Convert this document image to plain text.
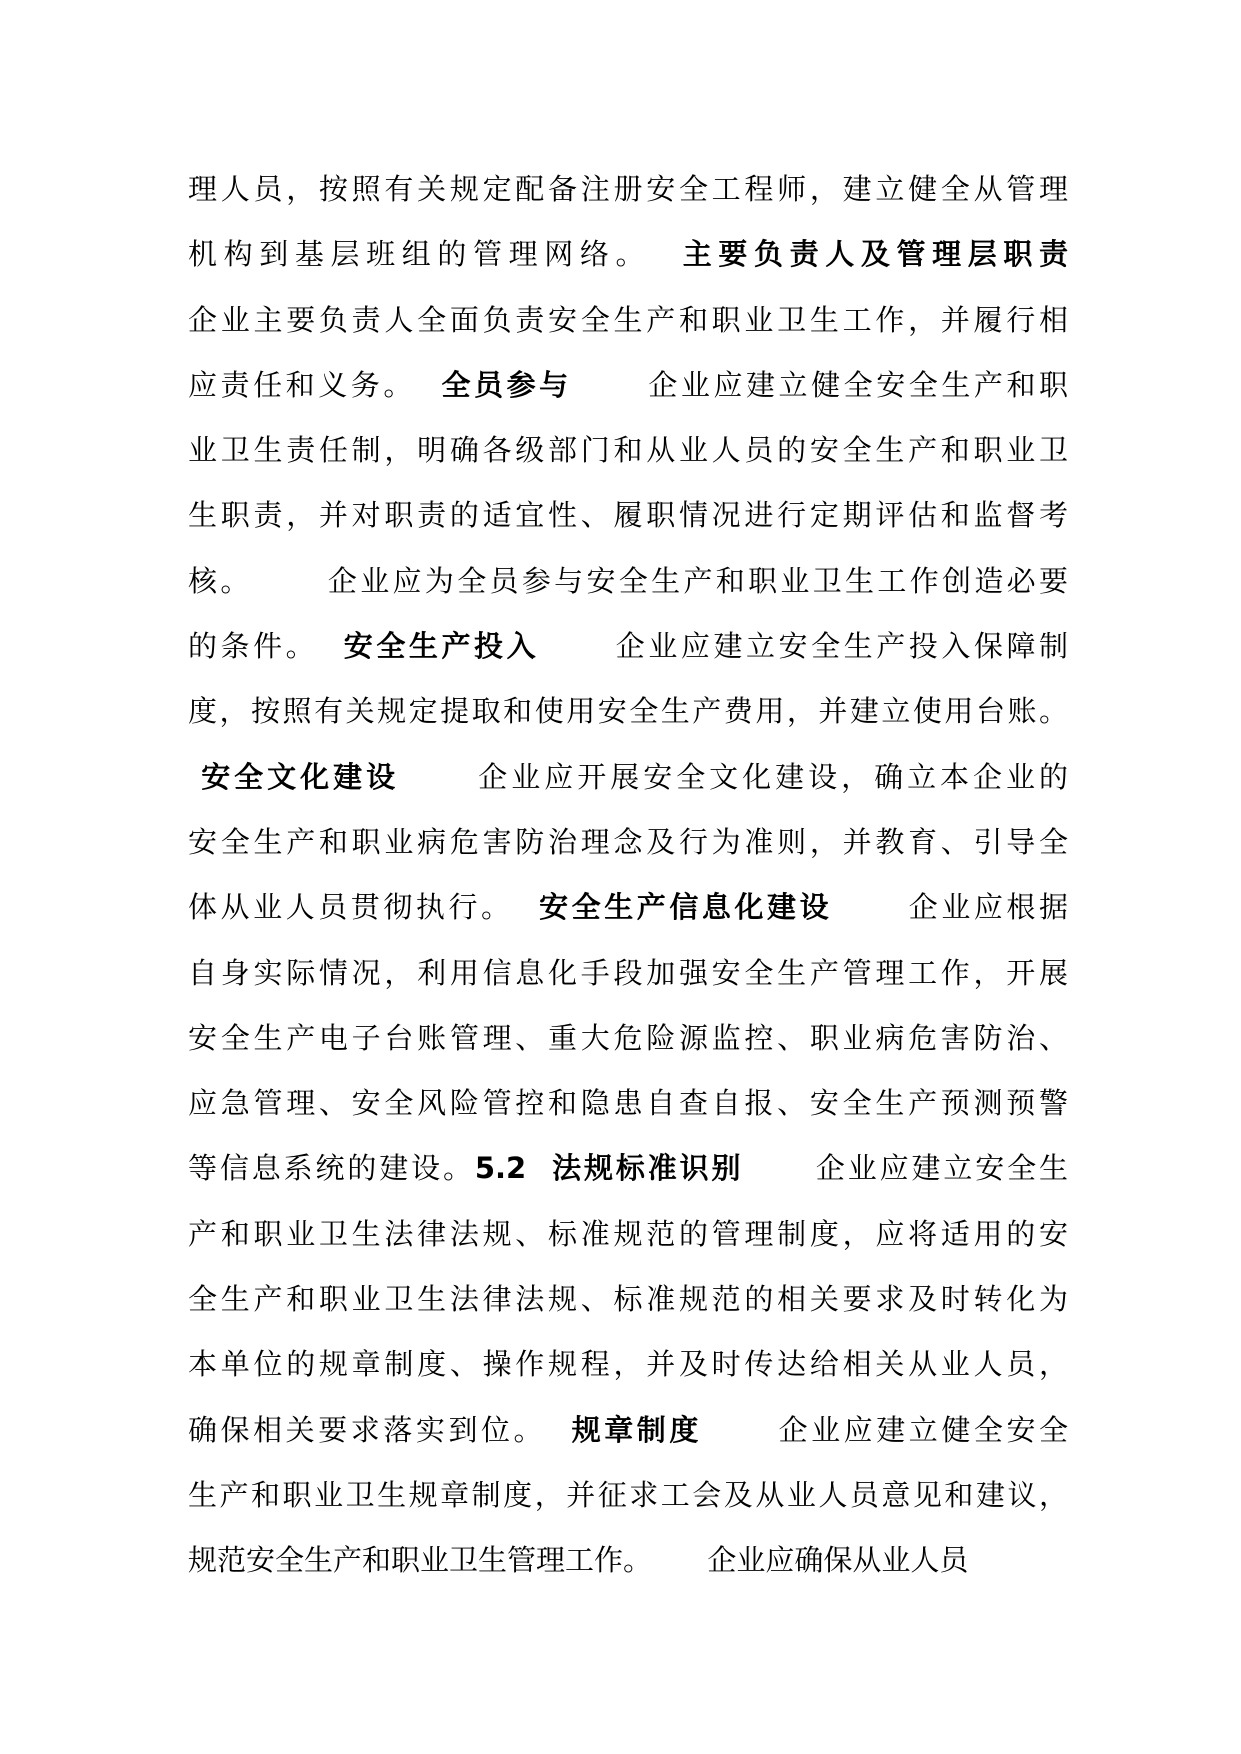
理人员，按照有关规定配备注册安全工程师，建立健全从管理
机构到基层班组的管理网络。 主要负责人及管理层职责
企业主要负责人全面负责安全生产和职业卫生工作，并履行相
应责任和义务。 全员参与      企业应建立健全安全生产和职
业卫生责任制，明确各级部门和从业人员的安全生产和职业卫
生职责，并对职责的适宜性、履职情况进行定期评估和监督考
核。      企业应为全员参与安全生产和职业卫生工作创造必要
的条件。 安全生产投入      企业应建立安全生产投入保障制
度，按照有关规定提取和使用安全生产费用，并建立使用台账。
安全文化建设      企业应开展安全文化建设，确立本企业的
安全生产和职业病危害防治理念及行为准则，并教育、引导全
体从业人员贯彻执行。 安全生产信息化建设      企业应根据
自身实际情况，利用信息化手段加强安全生产管理工作，开展
安全生产电子台账管理、重大危险源监控、职业病危害防治、
应急管理、安全风险管控和隐患自查自报、安全生产预测预警
等信息系统的建设。5.2  法规标准识别      企业应建立安全生
产和职业卫生法律法规、标准规范的管理制度，应将适用的安
全生产和职业卫生法律法规、标准规范的相关要求及时转化为
本单位的规章制度、操作规程，并及时传达给相关从业人员，
确保相关要求落实到位。 规章制度      企业应建立健全安全
生产和职业卫生规章制度，并征求工会及从业人员意见和建议，
规范安全生产和职业卫生管理工作。      企业应确保从业人员
